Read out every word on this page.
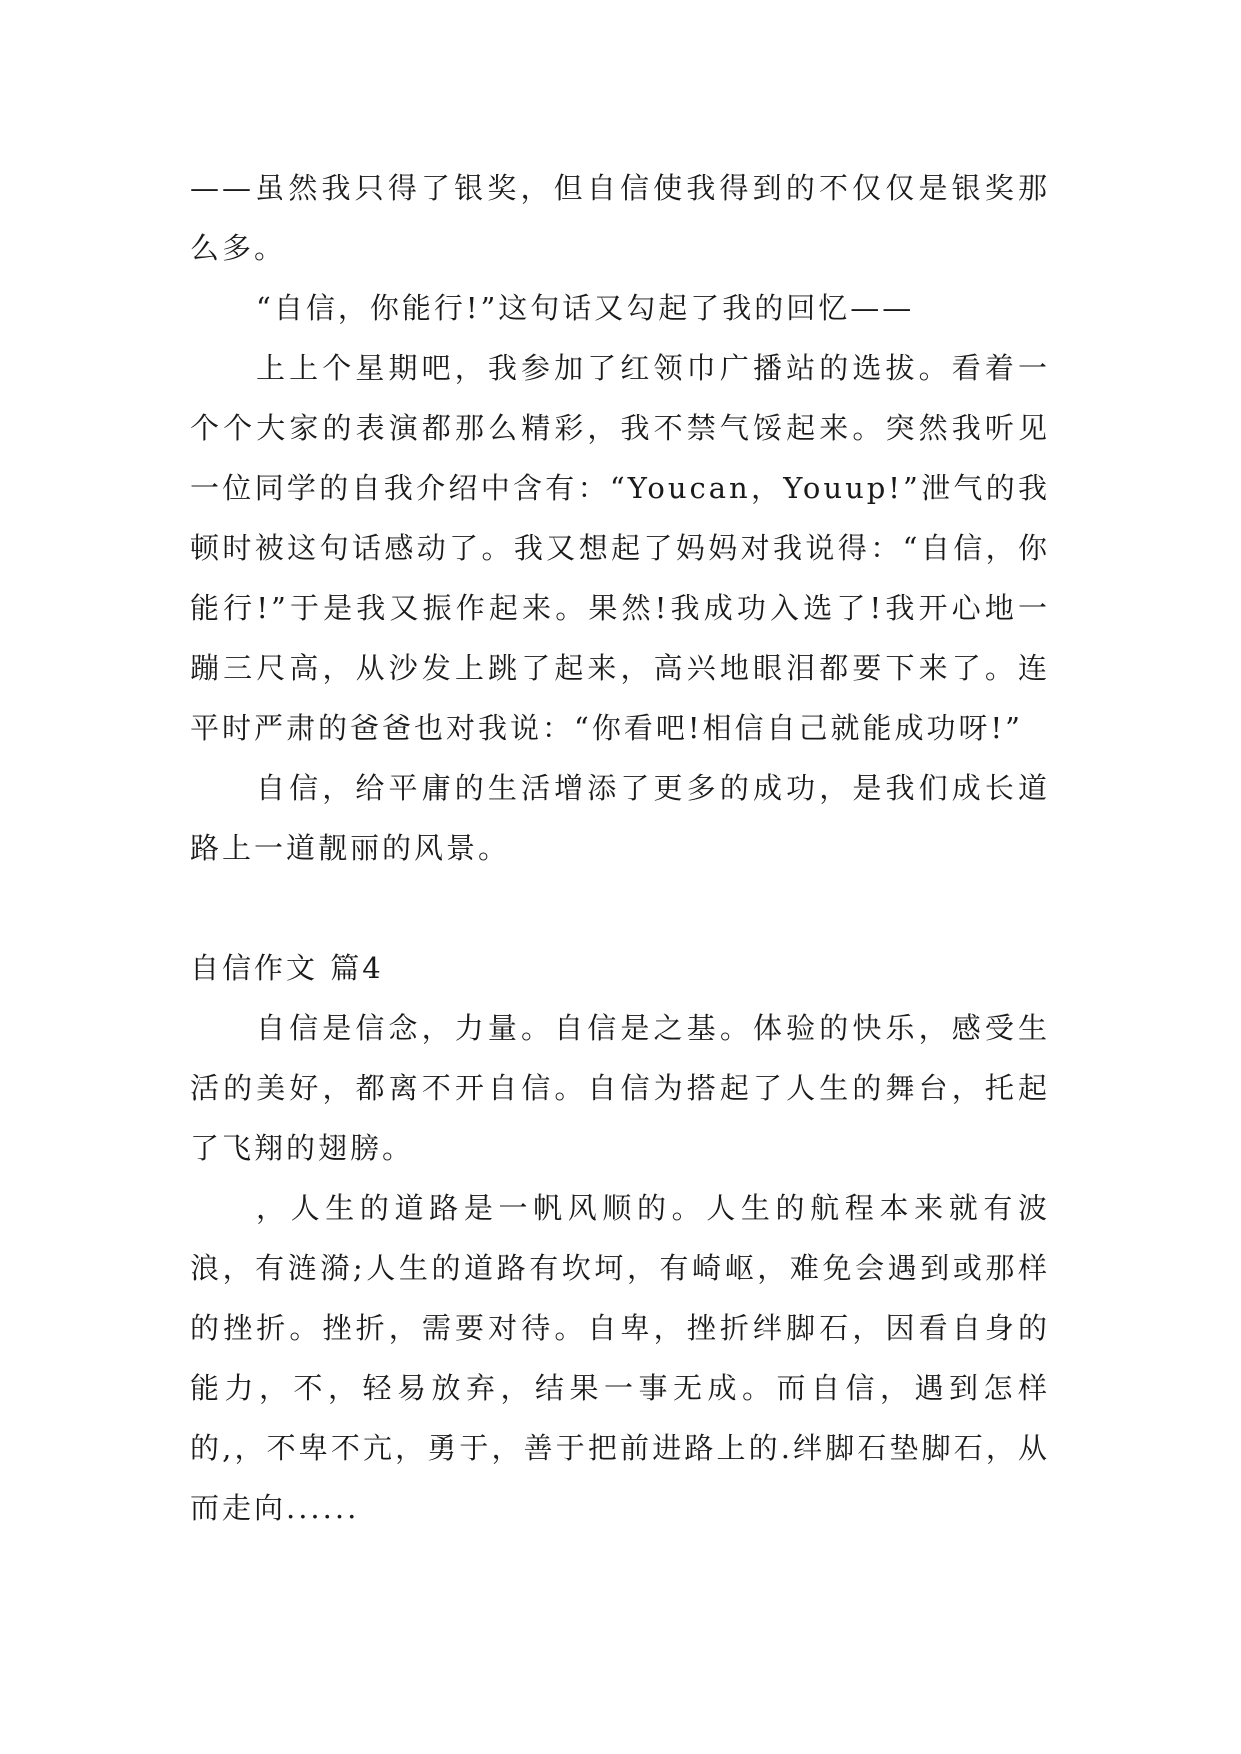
——虽然我只得了银奖，但自信使我得到的不仅仅是银奖那么多。

“自信，你能行!”这句话又勾起了我的回忆——

上上个星期吧，我参加了红领巾广播站的选拔。看着一个个大家的表演都那么精彩，我不禁气馁起来。突然我听见一位同学的自我介绍中含有：“Youcan，Youup!”泄气的我顿时被这句话感动了。我又想起了妈妈对我说得：“自信，你能行!”于是我又振作起来。果然!我成功入选了!我开心地一蹦三尺高，从沙发上跳了起来，高兴地眼泪都要下来了。连平时严肃的爸爸也对我说：“你看吧!相信自己就能成功呀!”

自信，给平庸的生活增添了更多的成功，是我们成长道路上一道靓丽的风景。

自信作文 篇4

自信是信念，力量。自信是之基。体验的快乐，感受生活的美好，都离不开自信。自信为搭起了人生的舞台，托起了飞翔的翅膀。

，人生的道路是一帆风顺的。人生的航程本来就有波浪，有涟漪;人生的道路有坎坷，有崎岖，难免会遇到或那样的挫折。挫折，需要对待。自卑，挫折绊脚石，因看自身的能力，不，轻易放弃，结果一事无成。而自信，遇到怎样的,，不卑不亢，勇于，善于把前进路上的.绊脚石垫脚石，从而走向......
